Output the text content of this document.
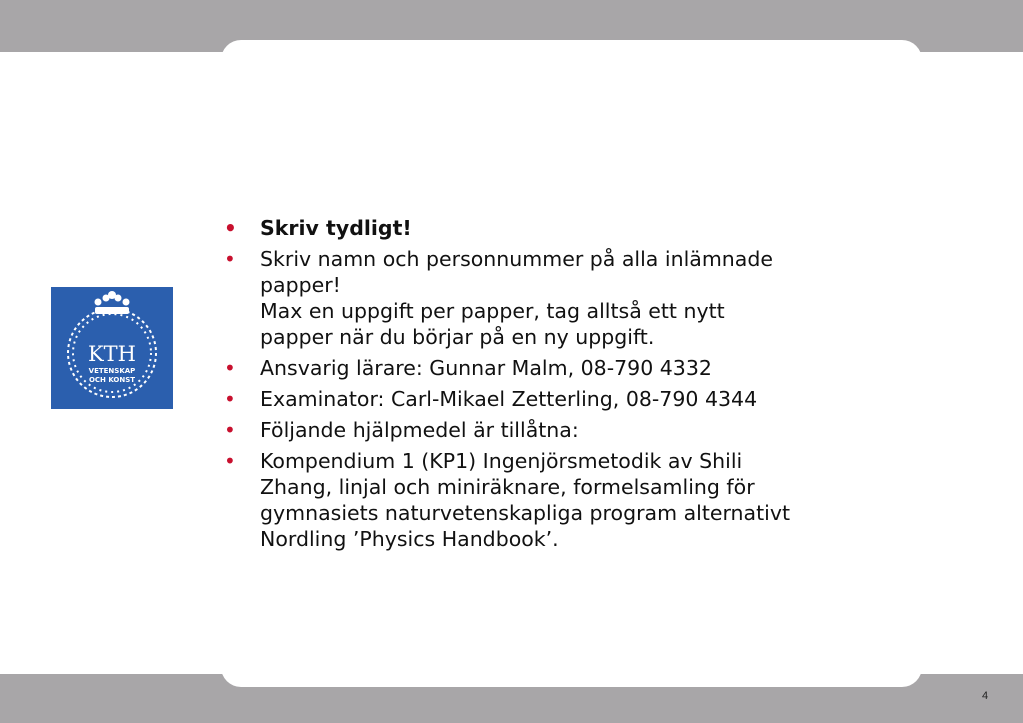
KTH
VETENSKAP
OCH KONST
• Skriv tydligt!
• Skriv namn och personnummer på alla inlämnade
papper!
Max en uppgift per papper, tag alltså ett nytt
papper när du börjar på en ny uppgift.
• Ansvarig lärare: Gunnar Malm, 08-790 4332
• Examinator: Carl-Mikael Zetterling, 08-790 4344
• Följande hjälpmedel är tillåtna:
• Kompendium 1 (KP1) Ingenjörsmetodik av Shili
Zhang, linjal och miniräknare, formelsamling för
gymnasiets naturvetenskapliga program alternativt
Nordling ’Physics Handbook’.
4
